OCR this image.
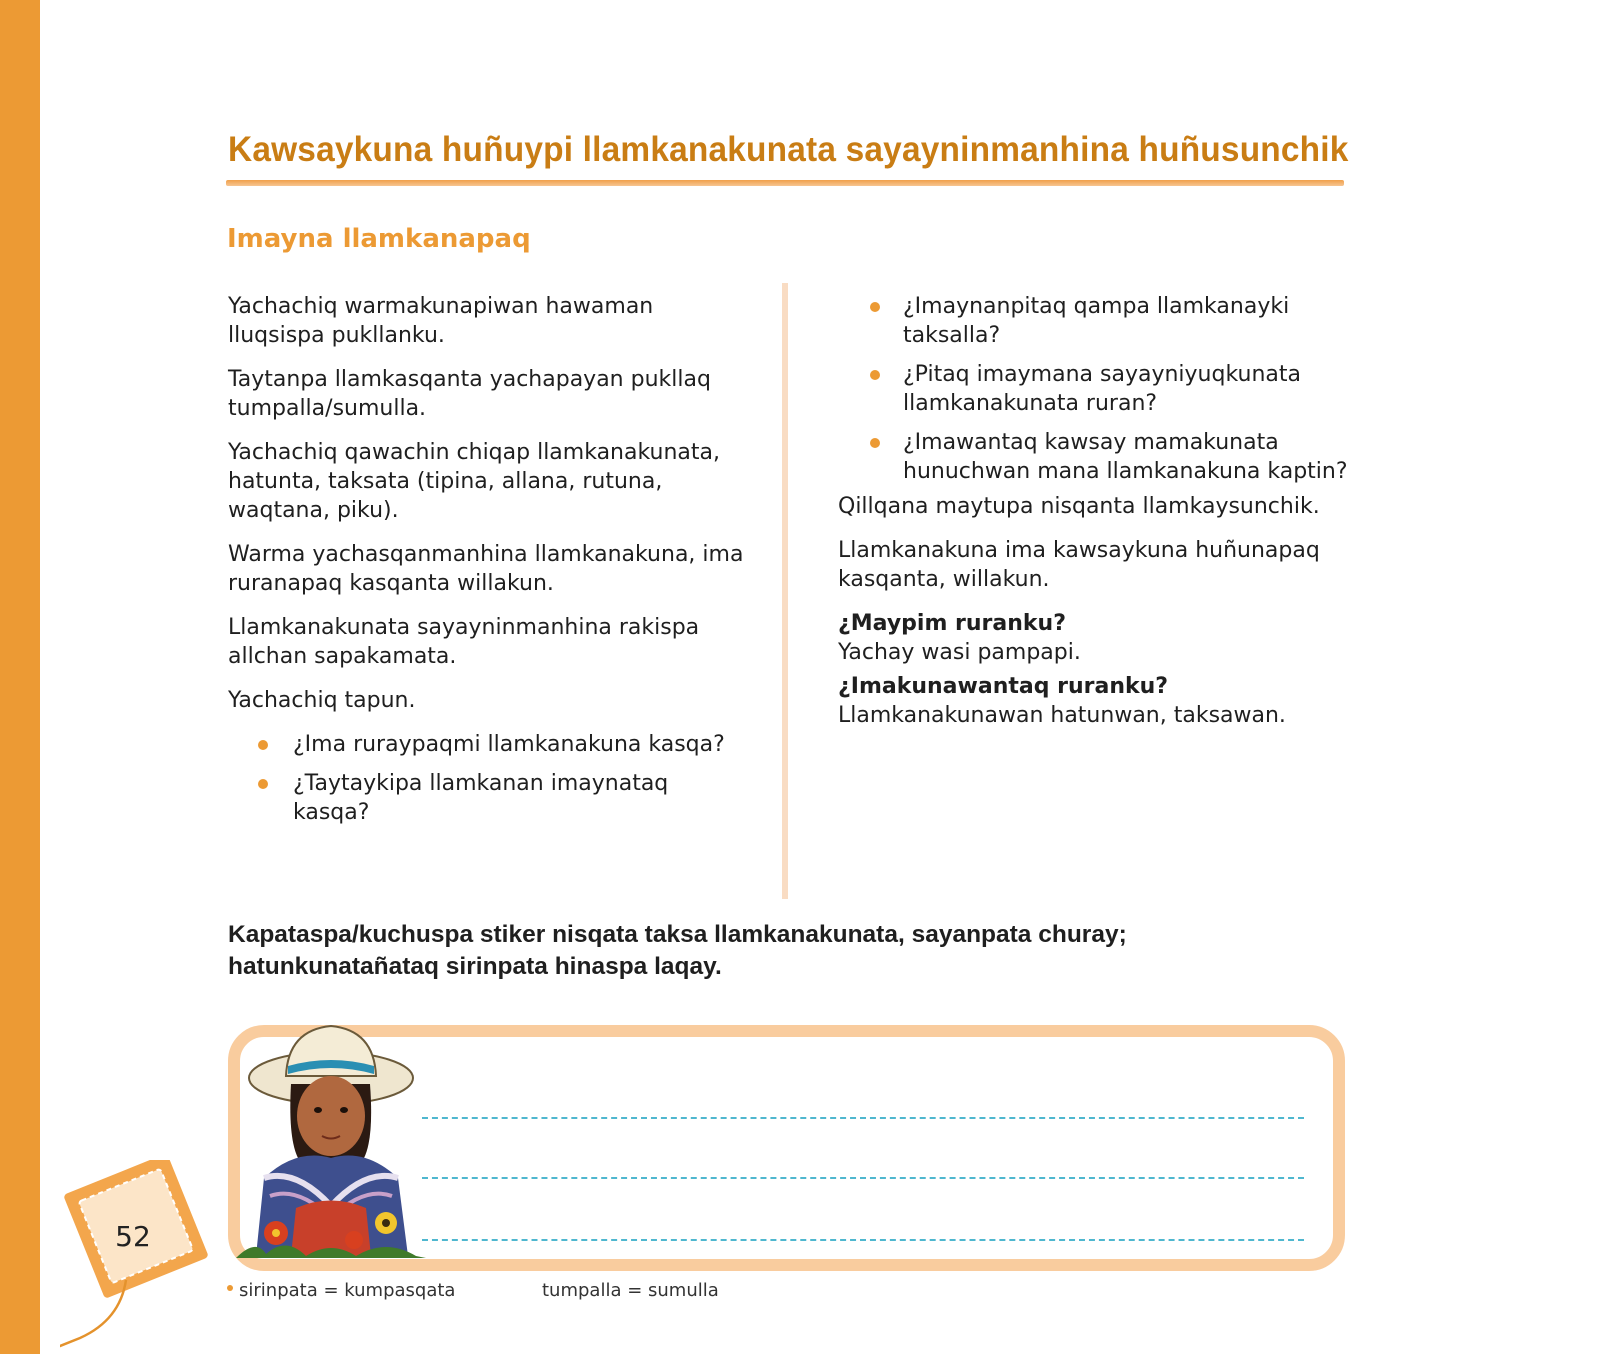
Kawsaykuna huñuypi llamkanakunata sayayninmanhina huñusunchik
Imayna llamkanapaq

Yachachiq warmakunapiwan hawaman lluqsispa pukllanku.

Taytanpa llamkasqanta yachapayan pukllaq tumpalla/sumulla.

Yachachiq qawachin chiqap llamkanakunata, hatunta, taksata (tipina, allana, rutuna, waqtana, piku).

Warma yachasqanmanhina llamkanakuna, ima ruranapaq kasqanta willakun.

Llamkanakunata sayayninmanhina rakispa allchan sapakamata.

Yachachiq tapun.

¿Ima ruraypaqmi llamkanakuna kasqa?
¿Taytaykipa llamkanan imaynataq kasqa?
¿Imaynanpitaq qampa llamkanayki taksalla?
¿Pitaq imaymana sayayniyuqkunata llamkanakunata ruran?
¿Imawantaq kawsay mamakunata hunuchwan mana llamkanakuna kaptin?

Qillqana maytupa nisqanta llamkaysunchik.

Llamkanakuna ima kawsaykuna huñunapaq kasqanta, willakun.

¿Maypim ruranku?

Yachay wasi pampapi.

¿Imakunawantaq ruranku?

Llamkanakunawan hatunwan, taksawan.

Kapataspa/kuchuspa stiker nisqata taksa llamkanakunata, sayanpata churay; hatunkunatañataq sirinpata hinaspa laqay.
52
sirinpata = kumpasqata	tumpalla = sumulla
